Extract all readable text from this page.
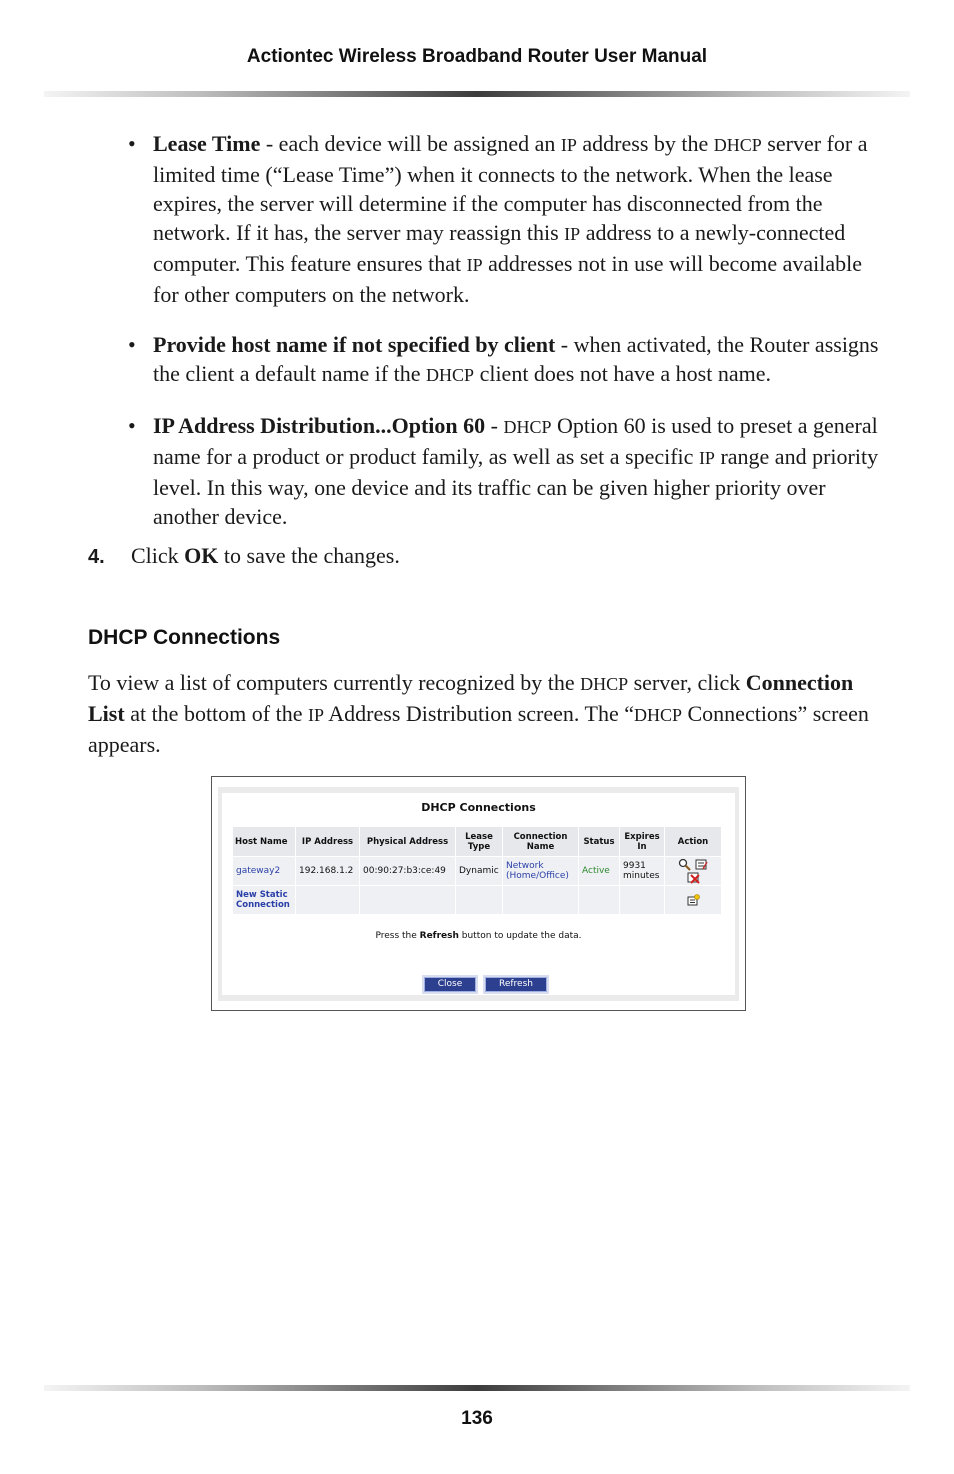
Actiontec Wireless Broadband Router User Manual
• Lease Time - each device will be assigned an IP address by the DHCP server for a limited time (“Lease Time”) when it connects to the network. When the lease expires, the server will determine if the computer has disconnected from the network. If it has, the server may reassign this IP address to a newly-connected computer. This feature ensures that IP addresses not in use will become available for other computers on the network.
• Provide host name if not specified by client - when activated, the Router assigns the client a default name if the DHCP client does not have a host name.
• IP Address Distribution...Option 60 - DHCP Option 60 is used to preset a general name for a product or product family, as well as set a specific IP range and priority level. In this way, one device and its traffic can be given higher priority over another device.
4. Click OK to save the changes.
DHCP Connections

To view a list of computers currently recognized by the DHCP server, click Connection List at the bottom of the IP Address Distribution screen. The “DHCP Connections” screen appears.

DHCP Connections
Host Name	IP Address	Physical Address	Lease Type	Connection Name	Status	Expires In	Action
gateway2	192.168.1.2	00:90:27:b3:ce:49	Dynamic	Network (Home/Office)	Active	9931 minutes	
New Static Connection							
Press the Refresh button to update the data.
Close	Refresh
136
